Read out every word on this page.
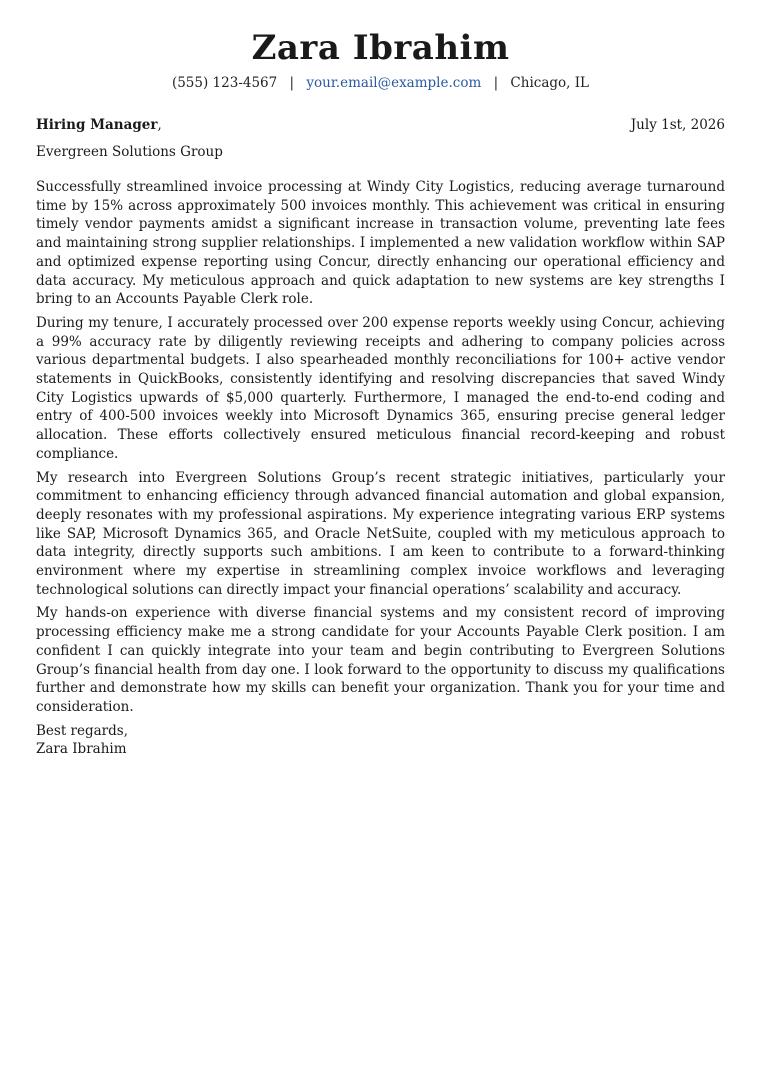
Zara Ibrahim
(555) 123-4567 | your.email@example.com | Chicago, IL
Hiring Manager,	July 1st, 2026
Evergreen Solutions Group

Successfully streamlined invoice processing at Windy City Logistics, reducing average turnaround time by 15% across approximately 500 invoices monthly. This achievement was critical in ensuring timely vendor payments amidst a significant increase in transaction volume, preventing late fees and maintaining strong supplier relationships. I implemented a new validation workflow within SAP and optimized expense reporting using Concur, directly enhancing our operational efficiency and data accuracy. My meticulous approach and quick adaptation to new systems are key strengths I bring to an Accounts Payable Clerk role.

During my tenure, I accurately processed over 200 expense reports weekly using Concur, achieving a 99% accuracy rate by diligently reviewing receipts and adhering to company policies across various departmental budgets. I also spearheaded monthly reconciliations for 100+ active vendor statements in QuickBooks, consistently identifying and resolving discrepancies that saved Windy City Logistics upwards of $5,000 quarterly. Furthermore, I managed the end-to-end coding and entry of 400-500 invoices weekly into Microsoft Dynamics 365, ensuring precise general ledger allocation. These efforts collectively ensured meticulous financial record-keeping and robust compliance.

My research into Evergreen Solutions Group’s recent strategic initiatives, particularly your commitment to enhancing efficiency through advanced financial automation and global expansion, deeply resonates with my professional aspirations. My experience integrating various ERP systems like SAP, Microsoft Dynamics 365, and Oracle NetSuite, coupled with my meticulous approach to data integrity, directly supports such ambitions. I am keen to contribute to a forward-thinking environment where my expertise in streamlining complex invoice workflows and leveraging technological solutions can directly impact your financial operations’ scalability and accuracy.

My hands-on experience with diverse financial systems and my consistent record of improving processing efficiency make me a strong candidate for your Accounts Payable Clerk position. I am confident I can quickly integrate into your team and begin contributing to Evergreen Solutions Group’s financial health from day one. I look forward to the opportunity to discuss my qualifications further and demonstrate how my skills can benefit your organization. Thank you for your time and consideration.

Best regards,
Zara Ibrahim
